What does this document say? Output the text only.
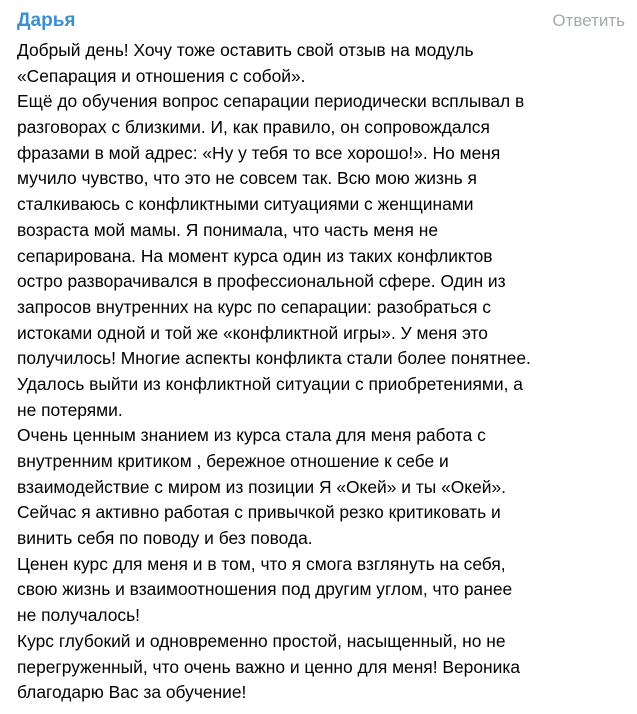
Дарья	Ответить
Добрый день! Хочу тоже оставить свой отзыв на модуль
«Сепарация и отношения с собой».
Ещё до обучения вопрос сепарации периодически всплывал в
разговорах с близкими. И, как правило, он сопровождался
фразами в мой адрес: «Ну у тебя то все хорошо!». Но меня
мучило чувство, что это не совсем так. Всю мою жизнь я
сталкиваюсь с конфликтными ситуациями с женщинами
возраста мой мамы. Я понимала, что часть меня не
сепарирована. На момент курса один из таких конфликтов
остро разворачивался в профессиональной сфере. Один из
запросов внутренних на курс по сепарации: разобраться с
истоками одной и той же «конфликтной игры». У меня это
получилось! Многие аспекты конфликта стали более понятнее.
Удалось выйти из конфликтной ситуации с приобретениями, а
не потерями.
Очень ценным знанием из курса стала для меня работа с
внутренним критиком , бережное отношение к себе и
взаимодействие с миром из позиции Я «Окей» и ты «Окей».
Сейчас я активно работая с привычкой резко критиковать и
винить себя по поводу и без повода.
Ценен курс для меня и в том, что я смога взглянуть на себя,
свою жизнь и взаимоотношения под другим углом, что ранее
не получалось!
Курс глубокий и одновременно простой, насыщенный, но не
перегруженный, что очень важно и ценно для меня! Вероника
благодарю Вас за обучение!
